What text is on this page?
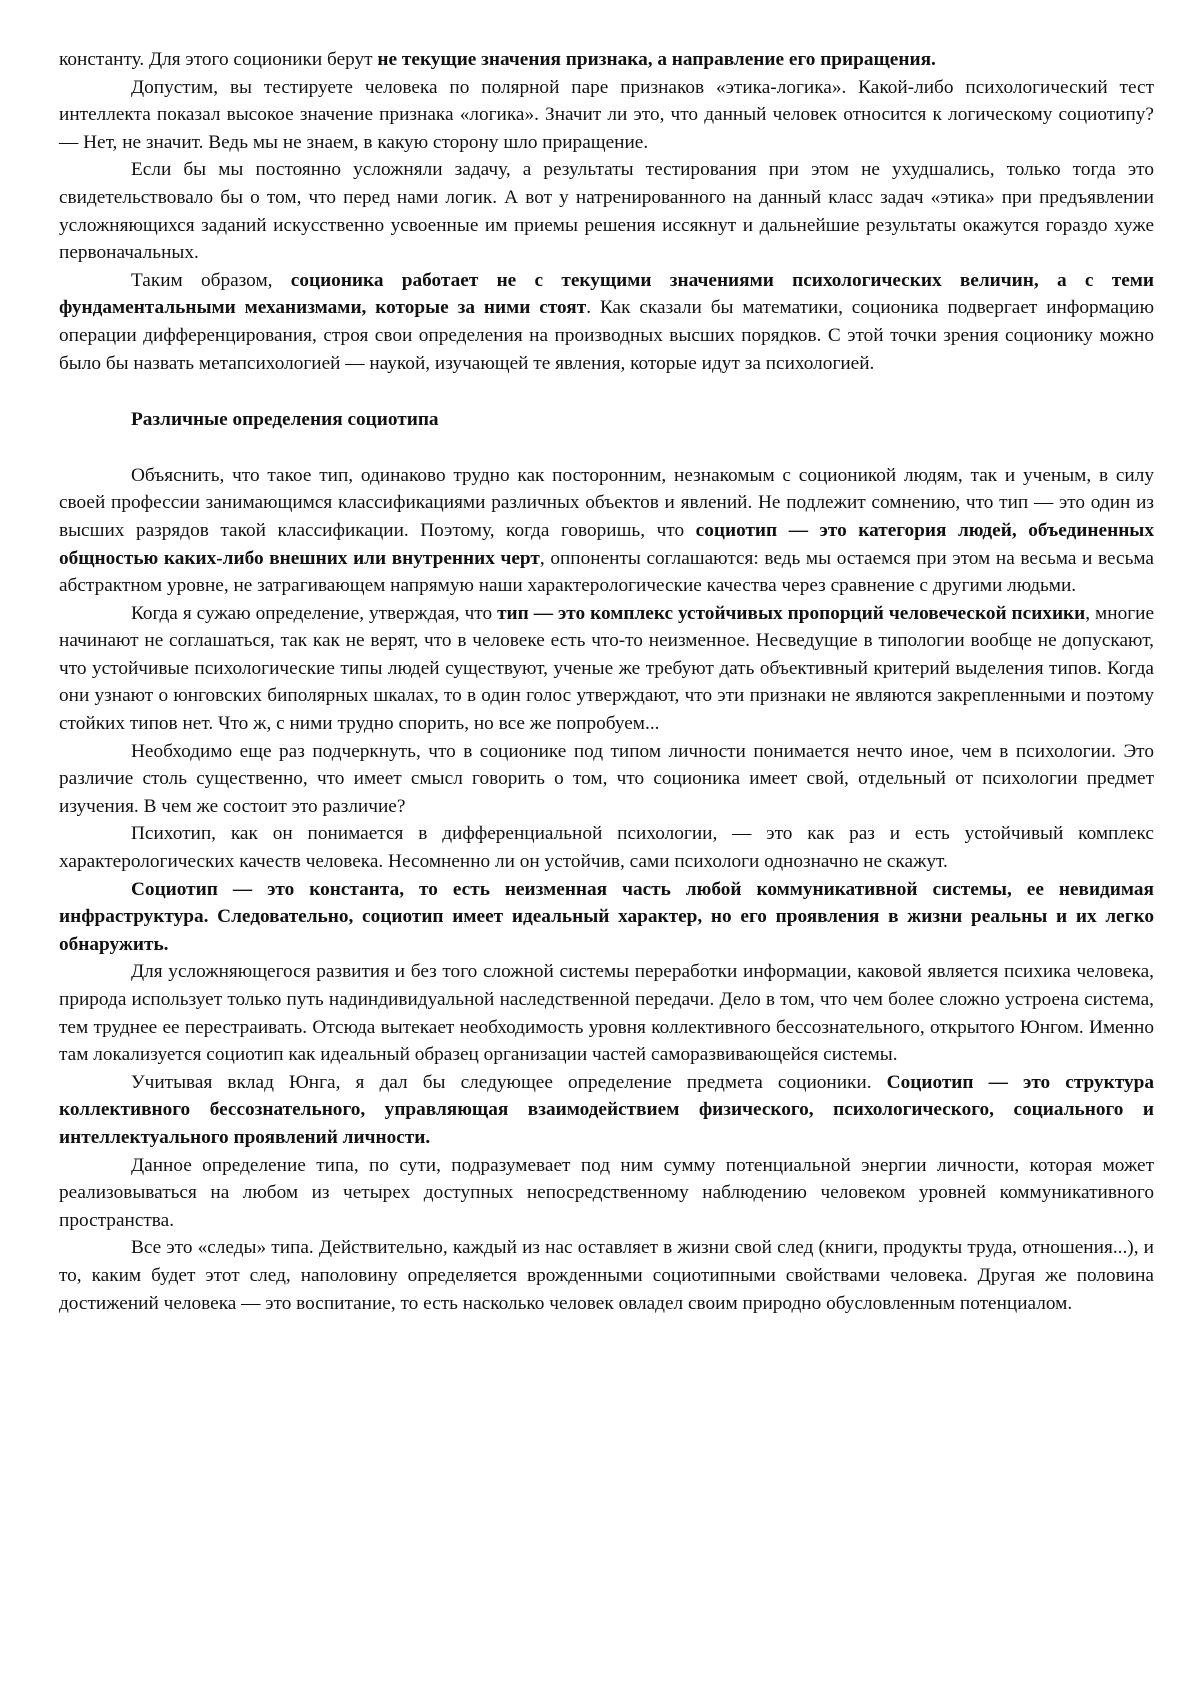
константу. Для этого соционики берут не текущие значения признака, а направление его приращения.

Допустим, вы тестируете человека по полярной паре признаков «этика-логика». Какой-либо психологический тест интеллекта показал высокое значение признака «логика». Значит ли это, что данный человек относится к логическому социотипу? — Нет, не значит. Ведь мы не знаем, в какую сторону шло приращение.

Если бы мы постоянно усложняли задачу, а результаты тестирования при этом не ухудшались, только тогда это свидетельствовало бы о том, что перед нами логик. А вот у натренированного на данный класс задач «этика» при предъявлении усложняющихся заданий искусственно усвоенные им приемы решения иссякнут и дальнейшие результаты окажутся гораздо хуже первоначальных.

Таким образом, соционика работает не с текущими значениями психологических величин, а с теми фундаментальными механизмами, которые за ними стоят. Как сказали бы математики, соционика подвергает информацию операции дифференцирования, строя свои определения на производных высших порядков. С этой точки зрения соционику можно было бы назвать метапсихологией — наукой, изучающей те явления, которые идут за психологией.

Различные определения социотипа

Объяснить, что такое тип, одинаково трудно как посторонним, незнакомым с соционикой людям, так и ученым, в силу своей профессии занимающимся классификациями различных объектов и явлений. Не подлежит сомнению, что тип — это один из высших разрядов такой классификации. Поэтому, когда говоришь, что социотип — это категория людей, объединенных общностью каких-либо внешних или внутренних черт, оппоненты соглашаются: ведь мы остаемся при этом на весьма и весьма абстрактном уровне, не затрагивающем напрямую наши характерологические качества через сравнение с другими людьми.

Когда я сужаю определение, утверждая, что тип — это комплекс устойчивых пропорций человеческой психики, многие начинают не соглашаться, так как не верят, что в человеке есть что-то неизменное. Несведущие в типологии вообще не допускают, что устойчивые психологические типы людей существуют, ученые же требуют дать объективный критерий выделения типов. Когда они узнают о юнговских биполярных шкалах, то в один голос утверждают, что эти признаки не являются закрепленными и поэтому стойких типов нет. Что ж, с ними трудно спорить, но все же попробуем...

Необходимо еще раз подчеркнуть, что в соционике под типом личности понимается нечто иное, чем в психологии. Это различие столь существенно, что имеет смысл говорить о том, что соционика имеет свой, отдельный от психологии предмет изучения. В чем же состоит это различие?

Психотип, как он понимается в дифференциальной психологии, — это как раз и есть устойчивый комплекс характерологических качеств человека. Несомненно ли он устойчив, сами психологи однозначно не скажут.

Социотип — это константа, то есть неизменная часть любой коммуникативной системы, ее невидимая инфраструктура. Следовательно, социотип имеет идеальный характер, но его проявления в жизни реальны и их легко обнаружить.

Для усложняющегося развития и без того сложной системы переработки информации, каковой является психика человека, природа использует только путь надиндивидуальной наследственной передачи. Дело в том, что чем более сложно устроена система, тем труднее ее перестраивать. Отсюда вытекает необходимость уровня коллективного бессознательного, открытого Юнгом. Именно там локализуется социотип как идеальный образец организации частей саморазвивающейся системы.

Учитывая вклад Юнга, я дал бы следующее определение предмета соционики. Социотип — это структура коллективного бессознательного, управляющая взаимодействием физического, психологического, социального и интеллектуального проявлений личности.

Данное определение типа, по сути, подразумевает под ним сумму потенциальной энергии личности, которая может реализовываться на любом из четырех доступных непосредственному наблюдению человеком уровней коммуникативного пространства.

Все это «следы» типа. Действительно, каждый из нас оставляет в жизни свой след (книги, продукты труда, отношения...), и то, каким будет этот след, наполовину определяется врожденными социотипными свойствами человека. Другая же половина достижений человека — это воспитание, то есть насколько человек овладел своим природно обусловленным потенциалом.
